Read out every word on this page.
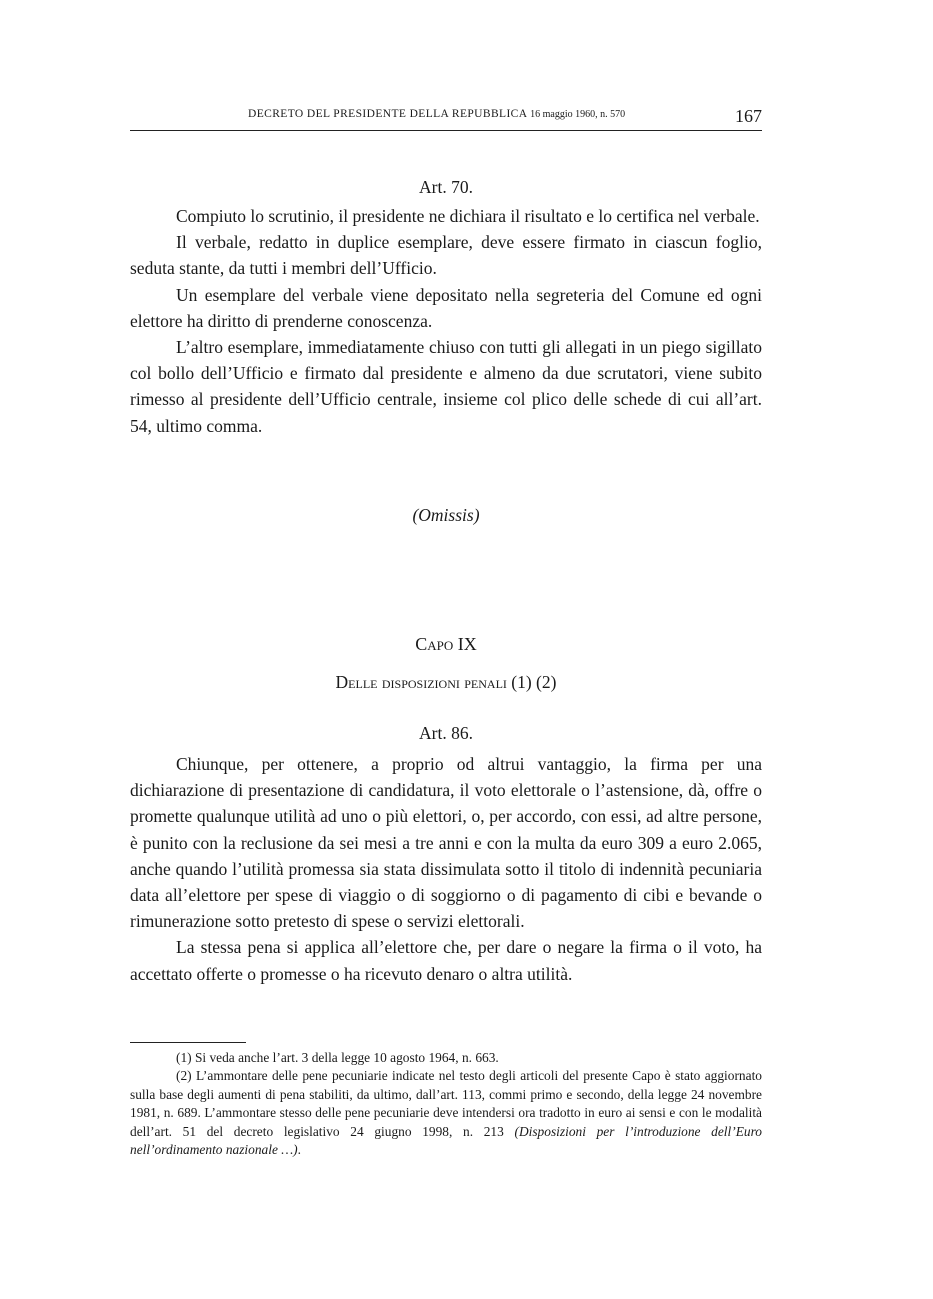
DECRETO DEL PRESIDENTE DELLA REPUBBLICA 16 maggio 1960, n. 570	167
Art. 70.

Compiuto lo scrutinio, il presidente ne dichiara il risultato e lo certifica nel verbale.

Il verbale, redatto in duplice esemplare, deve essere firmato in ciascun foglio, seduta stante, da tutti i membri dell’Ufficio.

Un esemplare del verbale viene depositato nella segreteria del Comune ed ogni elettore ha diritto di prenderne conoscenza.

L’altro esemplare, immediatamente chiuso con tutti gli allegati in un piego sigillato col bollo dell’Ufficio e firmato dal presidente e almeno da due scrutatori, viene subito rimesso al presidente dell’Ufficio centrale, insieme col plico delle schede di cui all’art. 54, ultimo comma.

(Omissis)
Capo IX
Delle disposizioni penali (1) (2)
Art. 86.

Chiunque, per ottenere, a proprio od altrui vantaggio, la firma per una dichiarazione di presentazione di candidatura, il voto elettorale o l’astensione, dà, offre o promette qualunque utilità ad uno o più elettori, o, per accordo, con essi, ad altre persone, è punito con la reclusione da sei mesi a tre anni e con la multa da euro 309 a euro 2.065, anche quando l’utilità promessa sia stata dissimulata sotto il titolo di indennità pecuniaria data all’elettore per spese di viaggio o di soggiorno o di pagamento di cibi e bevande o rimunerazione sotto pretesto di spese o servizi elettorali.

La stessa pena si applica all’elettore che, per dare o negare la firma o il voto, ha accettato offerte o promesse o ha ricevuto denaro o altra utilità.

(1) Si veda anche l’art. 3 della legge 10 agosto 1964, n. 663.

(2) L’ammontare delle pene pecuniarie indicate nel testo degli articoli del presente Capo è stato aggiornato sulla base degli aumenti di pena stabiliti, da ultimo, dall’art. 113, commi primo e secondo, della legge 24 novembre 1981, n. 689. L’ammontare stesso delle pene pecuniarie deve intendersi ora tradotto in euro ai sensi e con le modalità dell’art. 51 del decreto legislativo 24 giugno 1998, n. 213 (Disposizioni per l’introduzione dell’Euro nell’ordinamento nazionale …).
